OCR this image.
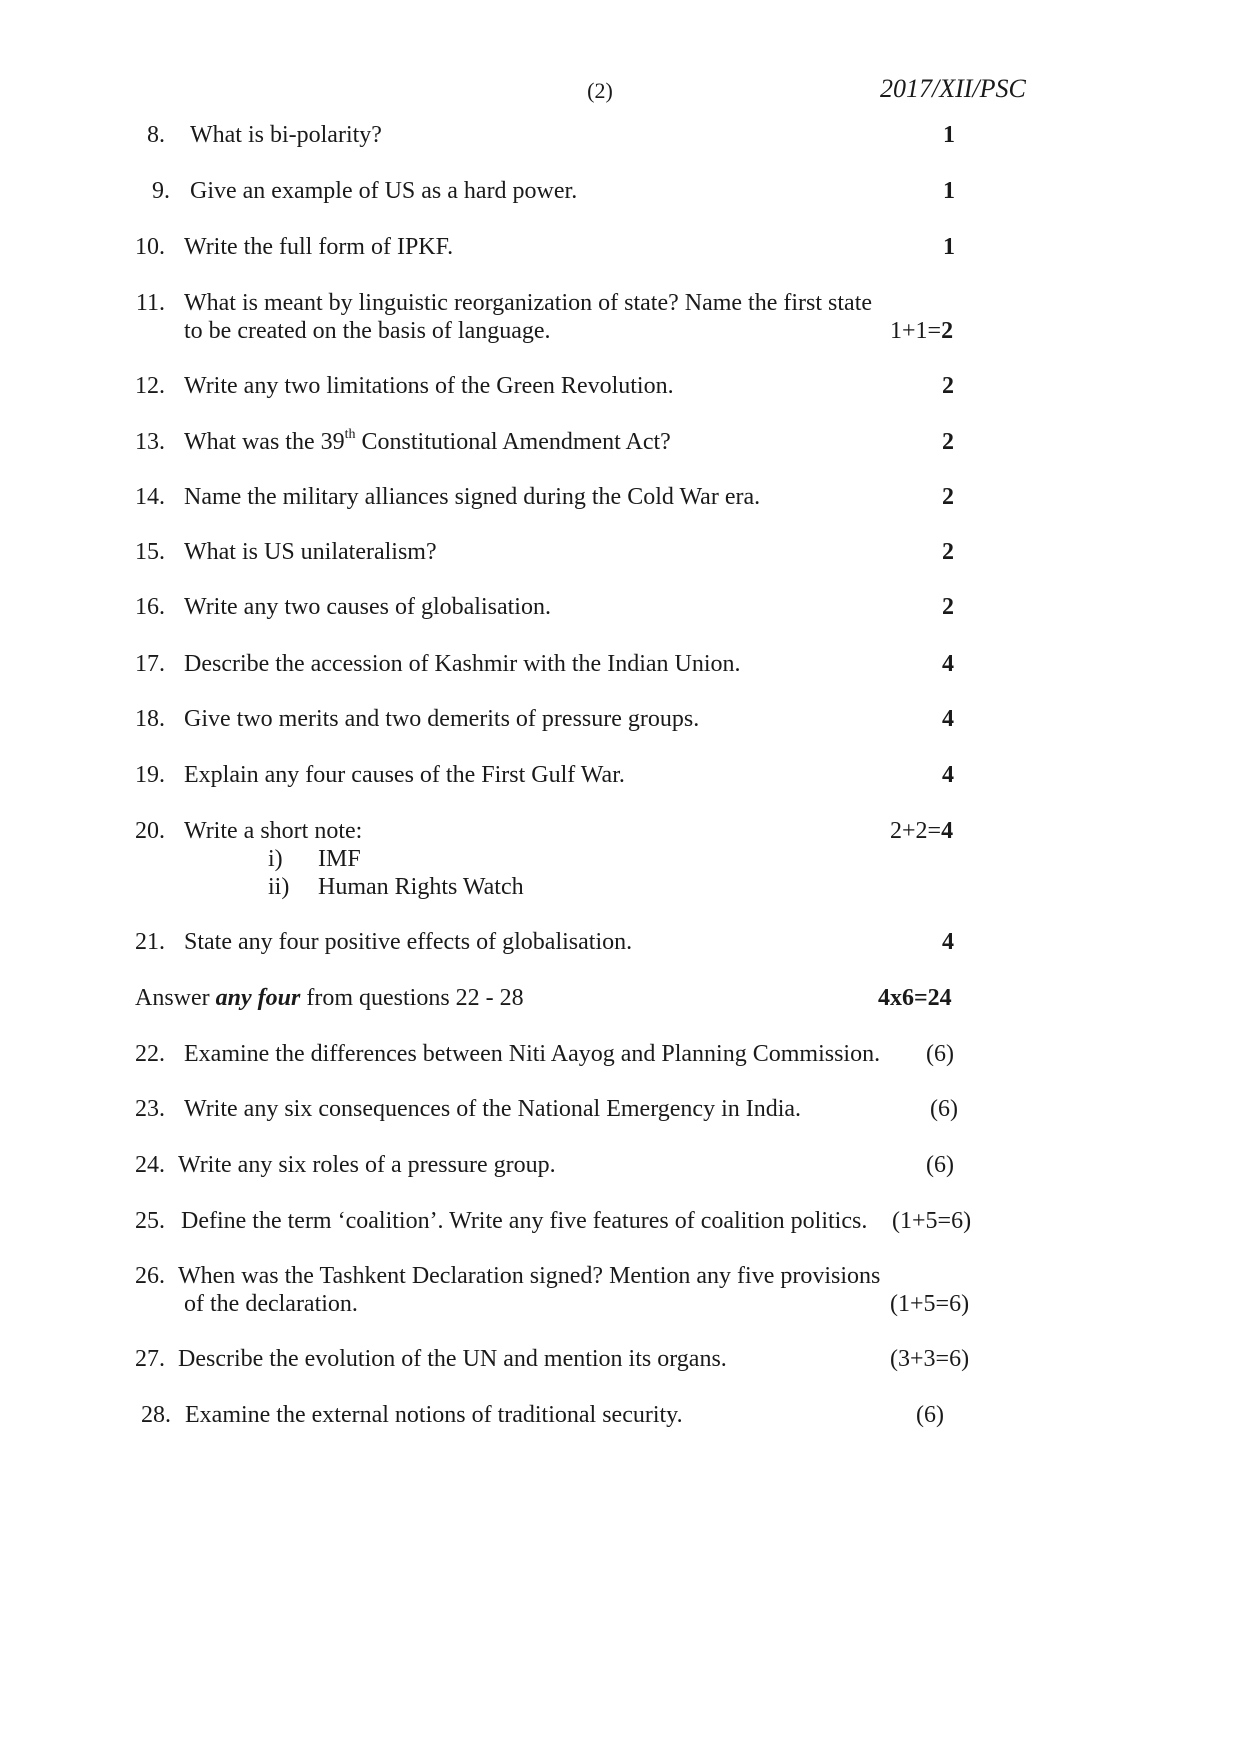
(2)	2017/XII/PSC
8. What is bi-polarity?	1
9. Give an example of US as a hard power.	1
10. Write the full form of IPKF.	1
11. What is meant by linguistic reorganization of state? Name the first state
to be created on the basis of language.	1+1=2
12. Write any two limitations of the Green Revolution.	2
13. What was the 39th Constitutional Amendment Act?	2
14. Name the military alliances signed during the Cold War era.	2
15. What is US unilateralism?	2
16. Write any two causes of globalisation.	2
17. Describe the accession of Kashmir with the Indian Union.	4
18. Give two merits and two demerits of pressure groups.	4
19. Explain any four causes of the First Gulf War.	4
20. Write a short note:	2+2=4
i) IMF
ii) Human Rights Watch
21. State any four positive effects of globalisation.	4
Answer any four from questions 22 - 28	4x6=24
22. Examine the differences between Niti Aayog and Planning Commission. (6)
23. Write any six consequences of the National Emergency in India.	(6)
24. Write any six roles of a pressure group.	(6)
25. Define the term ‘coalition’. Write any five features of coalition politics. (1+5=6)
26. When was the Tashkent Declaration signed? Mention any five provisions
of the declaration.	(1+5=6)
27. Describe the evolution of the UN and mention its organs.	(3+3=6)
28. Examine the external notions of traditional security.	(6)
